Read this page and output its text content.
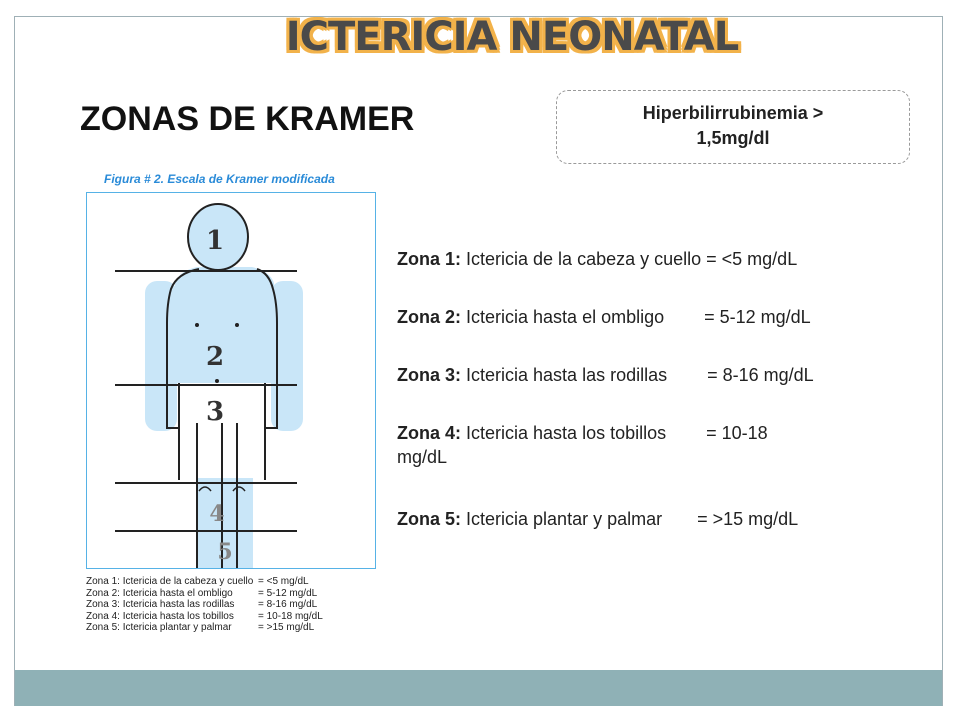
ICTERICIA NEONATAL
ZONAS DE KRAMER	Hiperbilirrubinemia >
1,5mg/dl
Figura # 2. Escala de Kramer modificada
1
2
3
4
5
Zona 1: Ictericia de la cabeza y cuello = <5 mg/dL
Zona 2: Ictericia hasta el ombligo	= 5-12 mg/dL
Zona 3: Ictericia hasta las rodillas	= 8-16 mg/dL
Zona 4: Ictericia hasta los tobillos	= 10-18 mg/dL
Zona 5: Ictericia plantar y palmar	= >15 mg/dL
Zona 1: Ictericia de la cabeza y cuello = <5 mg/dL
Zona 2: Ictericia hasta el ombligo        = 5-12 mg/dL
Zona 3: Ictericia hasta las rodillas        = 8-16 mg/dL
Zona 4: Ictericia hasta los tobillos        = 10-18
mg/dL
Zona 5: Ictericia plantar y palmar       = >15 mg/dL
